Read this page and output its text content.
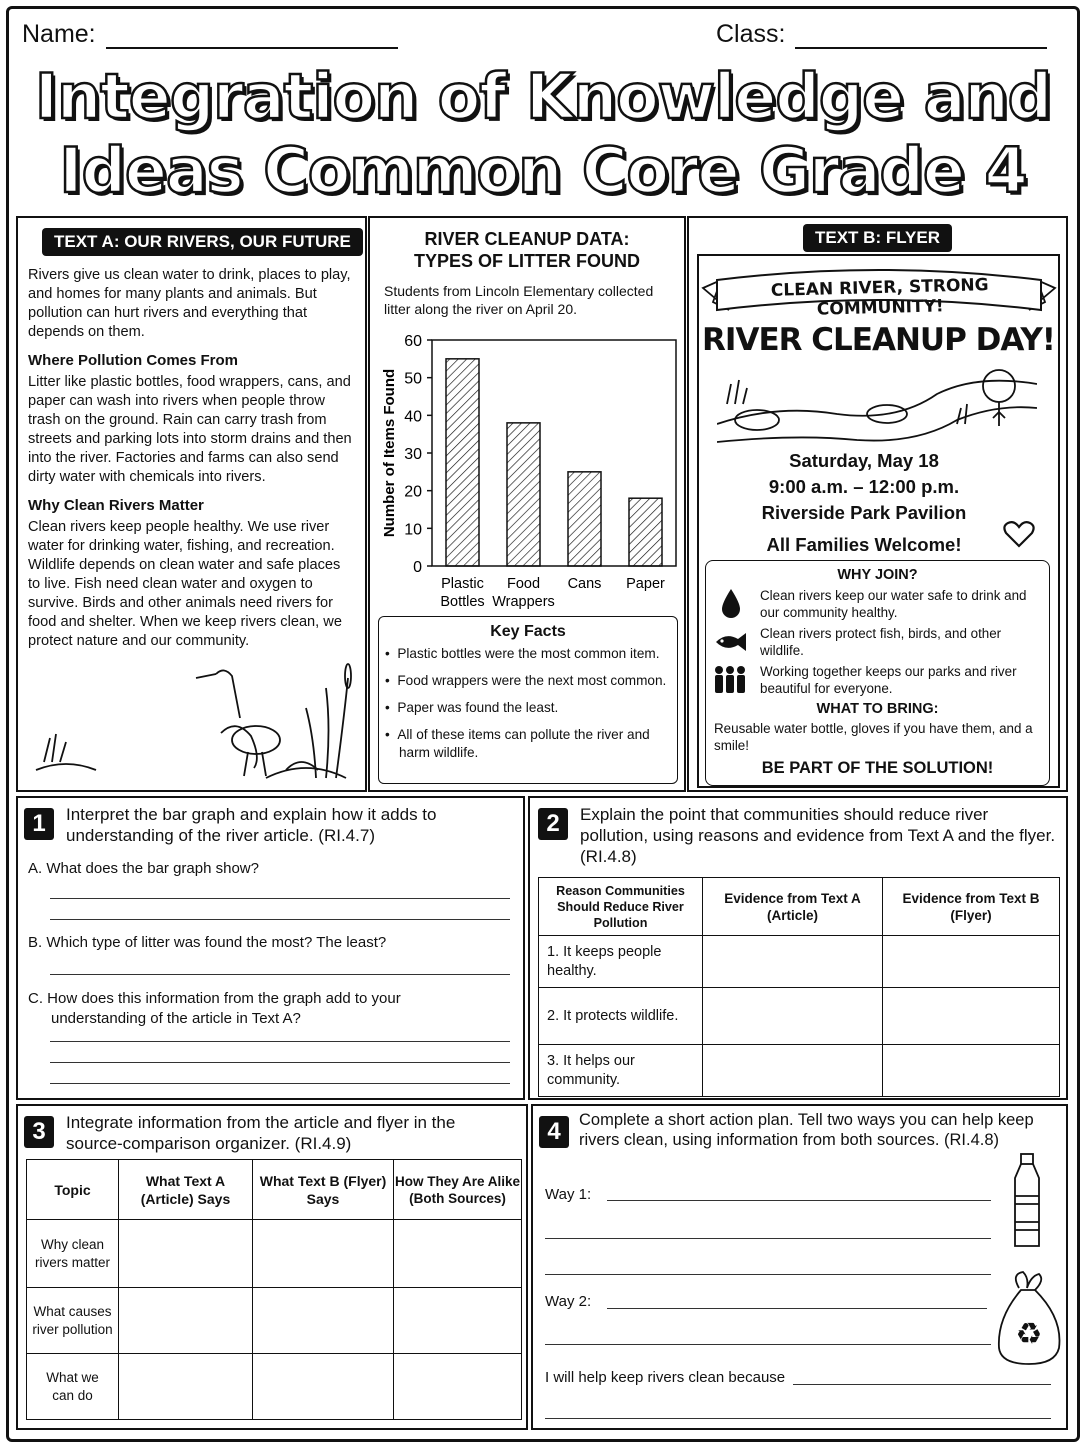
Name:	Class:
Integration of Knowledge and
Ideas Common Core Grade 4
TEXT A: OUR RIVERS, OUR FUTURE

Rivers give us clean water to drink, places to play, and homes for many plants and animals. But pollution can hurt rivers and everything that depends on them.

Where Pollution Comes From

Litter like plastic bottles, food wrappers, cans, and paper can wash into rivers when people throw trash on the ground. Rain can carry trash from streets and parking lots into storm drains and then into the river. Factories and farms can also send dirty water with chemicals into rivers.

Why Clean Rivers Matter

Clean rivers keep people healthy. We use river water for drinking water, fishing, and recreation. Wildlife depends on clean water and safe places to live. Fish need clean water and oxygen to survive. Birds and other animals need rivers for food and shelter. When we keep rivers clean, we protect nature and our community.

RIVER CLEANUP DATA:
TYPES OF LITTER FOUND
Students from Lincoln Elementary collected litter along the river on April 20.
0
10
20
30
40
50
60
Number of Items Found
Plastic
Bottles
Food
Wrappers
Cans Paper
Key Facts
•  Plastic bottles were the most common item.
•  Food wrappers were the next most common.
•  Paper was found the least.
•  All of these items can pollute the river and harm wildlife.
TEXT B: FLYER
CLEAN RIVER, STRONG COMMUNITY!
RIVER CLEANUP DAY!
Saturday, May 18
9:00 a.m. – 12:00 p.m.
Riverside Park Pavilion
All Families Welcome!
WHY JOIN?

Clean rivers keep our water safe to drink and our community healthy.

Clean rivers protect fish, birds, and other wildlife.

Working together keeps our parks and river beautiful for everyone.

WHAT TO BRING:
Reusable water bottle, gloves if you have them, and a smile!
BE PART OF THE SOLUTION!
1	Interpret the bar graph and explain how it adds to understanding of the river article. (RI.4.7)
A. What does the bar graph show?
B. Which type of litter was found the most? The least?
C. How does this information from the graph add to your
understanding of the article in Text A?
2	Explain the point that communities should reduce river pollution, using reasons and evidence from Text A and the flyer. (RI.4.8)
Reason Communities Should Reduce River Pollution	Evidence from Text A (Article)	Evidence from Text B (Flyer)
1. It keeps people healthy.		
2. It protects wildlife.		
3. It helps our community.		
3	Integrate information from the article and flyer in the source-comparison organizer. (RI.4.9)
Topic	What Text A (Article) Says	What Text B (Flyer) Says	How They Are Alike (Both Sources)
Why clean rivers matter			
What causes river pollution			
What we can do			
4	Complete a short action plan. Tell two ways you can help keep rivers clean, using information from both sources. (RI.4.8)
Way 1:
Way 2:
I will help keep rivers clean because
♻
